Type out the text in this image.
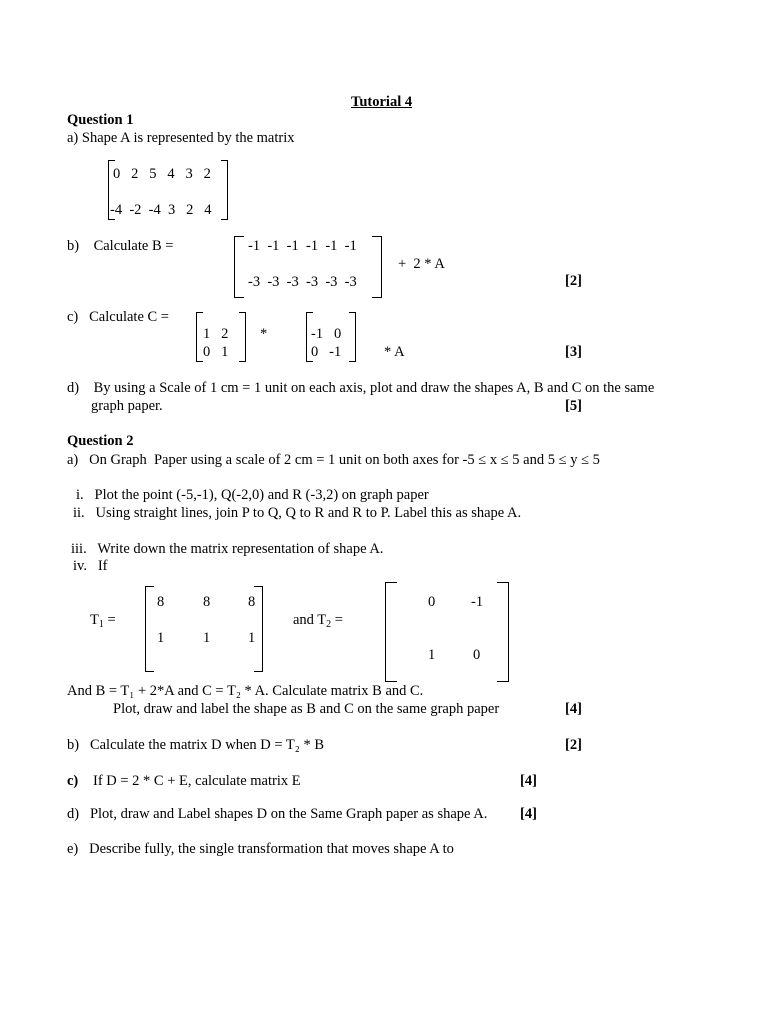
Tutorial 4
Question 1
a) Shape A is represented by the matrix
0   2   5   4   3   2
-4  -2  -4  3   2   4
b)    Calculate B =	-1  -1  -1  -1  -1  -1
-3  -3  -3  -3  -3  -3
+  2 * A
[2]
c)   Calculate C =
1   2
0   1
*	-1   0
0   -1	* A	[3]
d)    By using a Scale of 1 cm = 1 unit on each axis, plot and draw the shapes A, B and C on the same
graph paper.	[5]
Question 2
a)   On Graph  Paper using a scale of 2 cm = 1 unit on both axes for -5 ≤ x ≤ 5 and 5 ≤ y ≤ 5
i.   Plot the point (-5,-1), Q(-2,0) and R (-3,2) on graph paper
ii.   Using straight lines, join P to Q, Q to R and R to P. Label this as shape A.
iii.   Write down the matrix representation of shape A.
iv.   If
$T_1$ =
8	8	8
1	1	1
and $T_2$ =
0 -1
1	0
And B = T₁ + 2*A and C = T₂ * A. Calculate matrix B and C.
Plot, draw and label the shape as B and C on the same graph paper	[4]
b)   Calculate the matrix D when D = T₂ * B	[2]
c) If D = 2 * C + E, calculate matrix E	[4]
d)   Plot, draw and Label shapes D on the Same Graph paper as shape A. [4]
e)   Describe fully, the single transformation that moves shape A to
